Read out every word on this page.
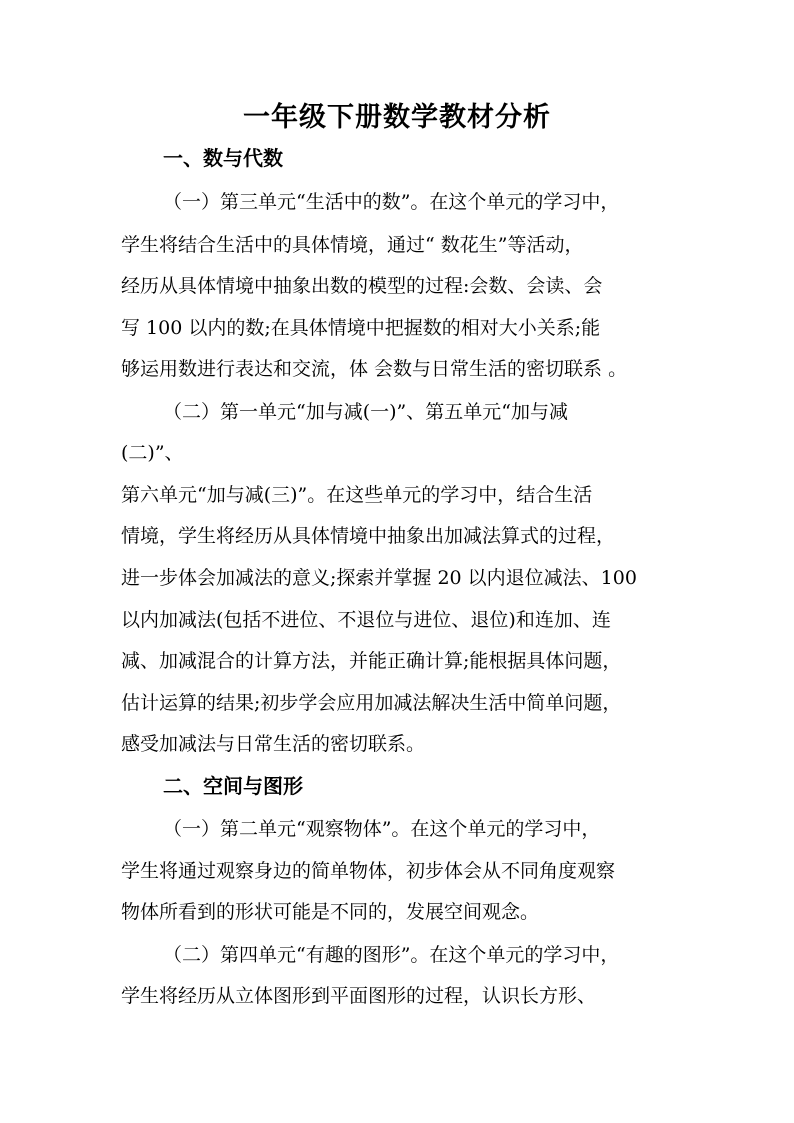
一年级下册数学教材分析
一、数与代数
（一）第三单元“生活中的数”。在这个单元的学习中，
学生将结合生活中的具体情境，通过“ 数花生”等活动，
经历从具体情境中抽象出数的模型的过程:会数、会读、会
写 100 以内的数;在具体情境中把握数的相对大小关系;能
够运用数进行表达和交流，体 会数与日常生活的密切联系 。
（二）第一单元“加与减(一)”、第五单元“加与减
(二)”、
第六单元“加与减(三)”。在这些单元的学习中，结合生活
情境，学生将经历从具体情境中抽象出加减法算式的过程，
进一步体会加减法的意义;探索并掌握 20 以内退位减法、100
以内加减法(包括不进位、不退位与进位、退位)和连加、连
减、加减混合的计算方法，并能正确计算;能根据具体问题，
估计运算的结果;初步学会应用加减法解决生活中简单问题，
感受加减法与日常生活的密切联系。
二、空间与图形
（一）第二单元“观察物体”。在这个单元的学习中，
学生将通过观察身边的简单物体，初步体会从不同角度观察
物体所看到的形状可能是不同的，发展空间观念。
（二）第四单元“有趣的图形”。在这个单元的学习中，
学生将经历从立体图形到平面图形的过程，认识长方形、
